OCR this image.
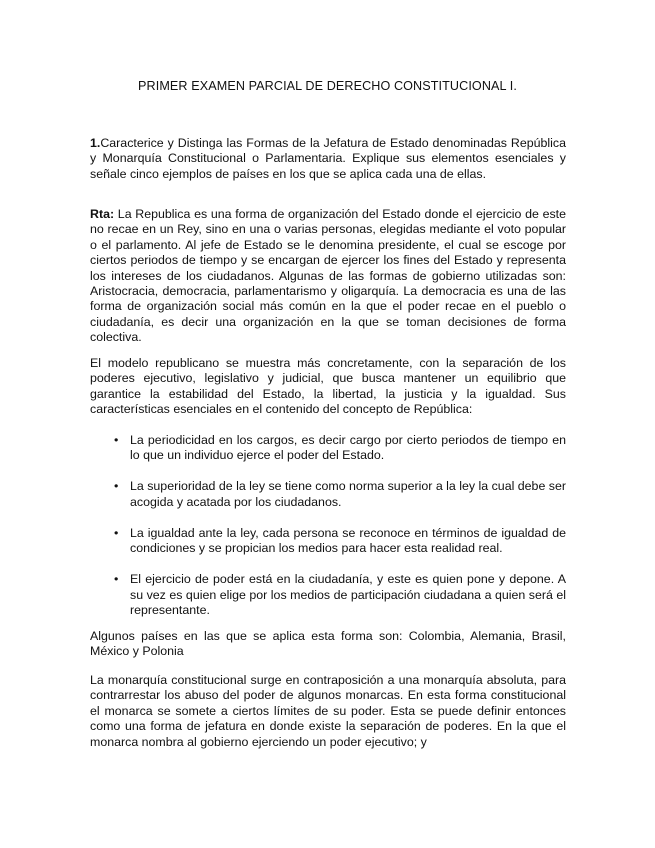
PRIMER EXAMEN PARCIAL DE DERECHO CONSTITUCIONAL I.

1.Caracterice y Distinga las Formas de la Jefatura de Estado denominadas República y Monarquía Constitucional o Parlamentaria. Explique sus elementos esenciales y señale cinco ejemplos de países en los que se aplica cada una de ellas.

Rta: La Republica es una forma de organización del Estado donde el ejercicio de este no recae en un Rey, sino en una o varias personas, elegidas mediante el voto popular o el parlamento. Al jefe de Estado se le denomina presidente, el cual se escoge por ciertos periodos de tiempo y se encargan de ejercer los fines del Estado y representa los intereses de los ciudadanos. Algunas de las formas de gobierno utilizadas son: Aristocracia, democracia, parlamentarismo y oligarquía. La democracia es una de las forma de organización social más común en la que el poder recae en el pueblo o ciudadanía, es decir una organización en la que se toman decisiones de forma colectiva.

El modelo republicano se muestra más concretamente, con la separación de los poderes ejecutivo, legislativo y judicial, que busca mantener un equilibrio que garantice la estabilidad del Estado, la libertad, la justicia y la igualdad. Sus características esenciales en el contenido del concepto de República:

• La periodicidad en los cargos, es decir cargo por cierto periodos de tiempo en lo que un individuo ejerce el poder del Estado.
• La superioridad de la ley se tiene como norma superior a la ley la cual debe ser acogida y acatada por los ciudadanos.
• La igualdad ante la ley, cada persona se reconoce en términos de igualdad de condiciones y se propician los medios para hacer esta realidad real.
• El ejercicio de poder está en la ciudadanía, y este es quien pone y depone. A su vez es quien elige por los medios de participación ciudadana a quien será el representante.

Algunos países en las que se aplica esta forma son: Colombia, Alemania, Brasil, México y Polonia

La monarquía constitucional surge en contraposición a una monarquía absoluta, para contrarrestar los abuso del poder de algunos monarcas. En esta forma constitucional el monarca se somete a ciertos límites de su poder. Esta se puede definir entonces como una forma de jefatura en donde existe la separación de poderes. En la que el monarca nombra al gobierno ejerciendo un poder ejecutivo; y
